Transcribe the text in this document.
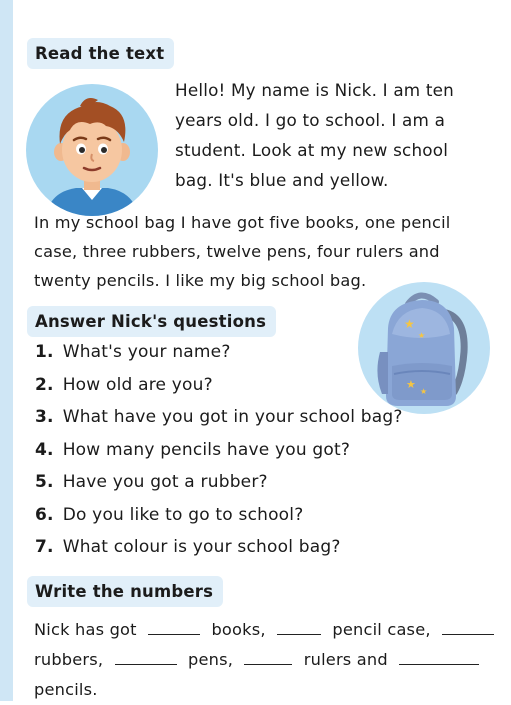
Read the text
Hello! My name is Nick. I am ten
years old. I go to school. I am a
student. Look at my new school
bag. It's blue and yellow.
In my school bag I have got five books, one pencil
case, three rubbers, twelve pens, four rulers and
twenty pencils. I like my big school bag.
Answer Nick's questions	★
★
★
★
1. What's your name?
2. How old are you?
3. What have you got in your school bag?
4. How many pencils have you got?
5. Have you got a rubber?
6. Do you like to go to school?
7. What colour is your school bag?
Write the numbers
Nick has got	books,	pencil case,
rubbers,	pens,	rulers and
pencils.
